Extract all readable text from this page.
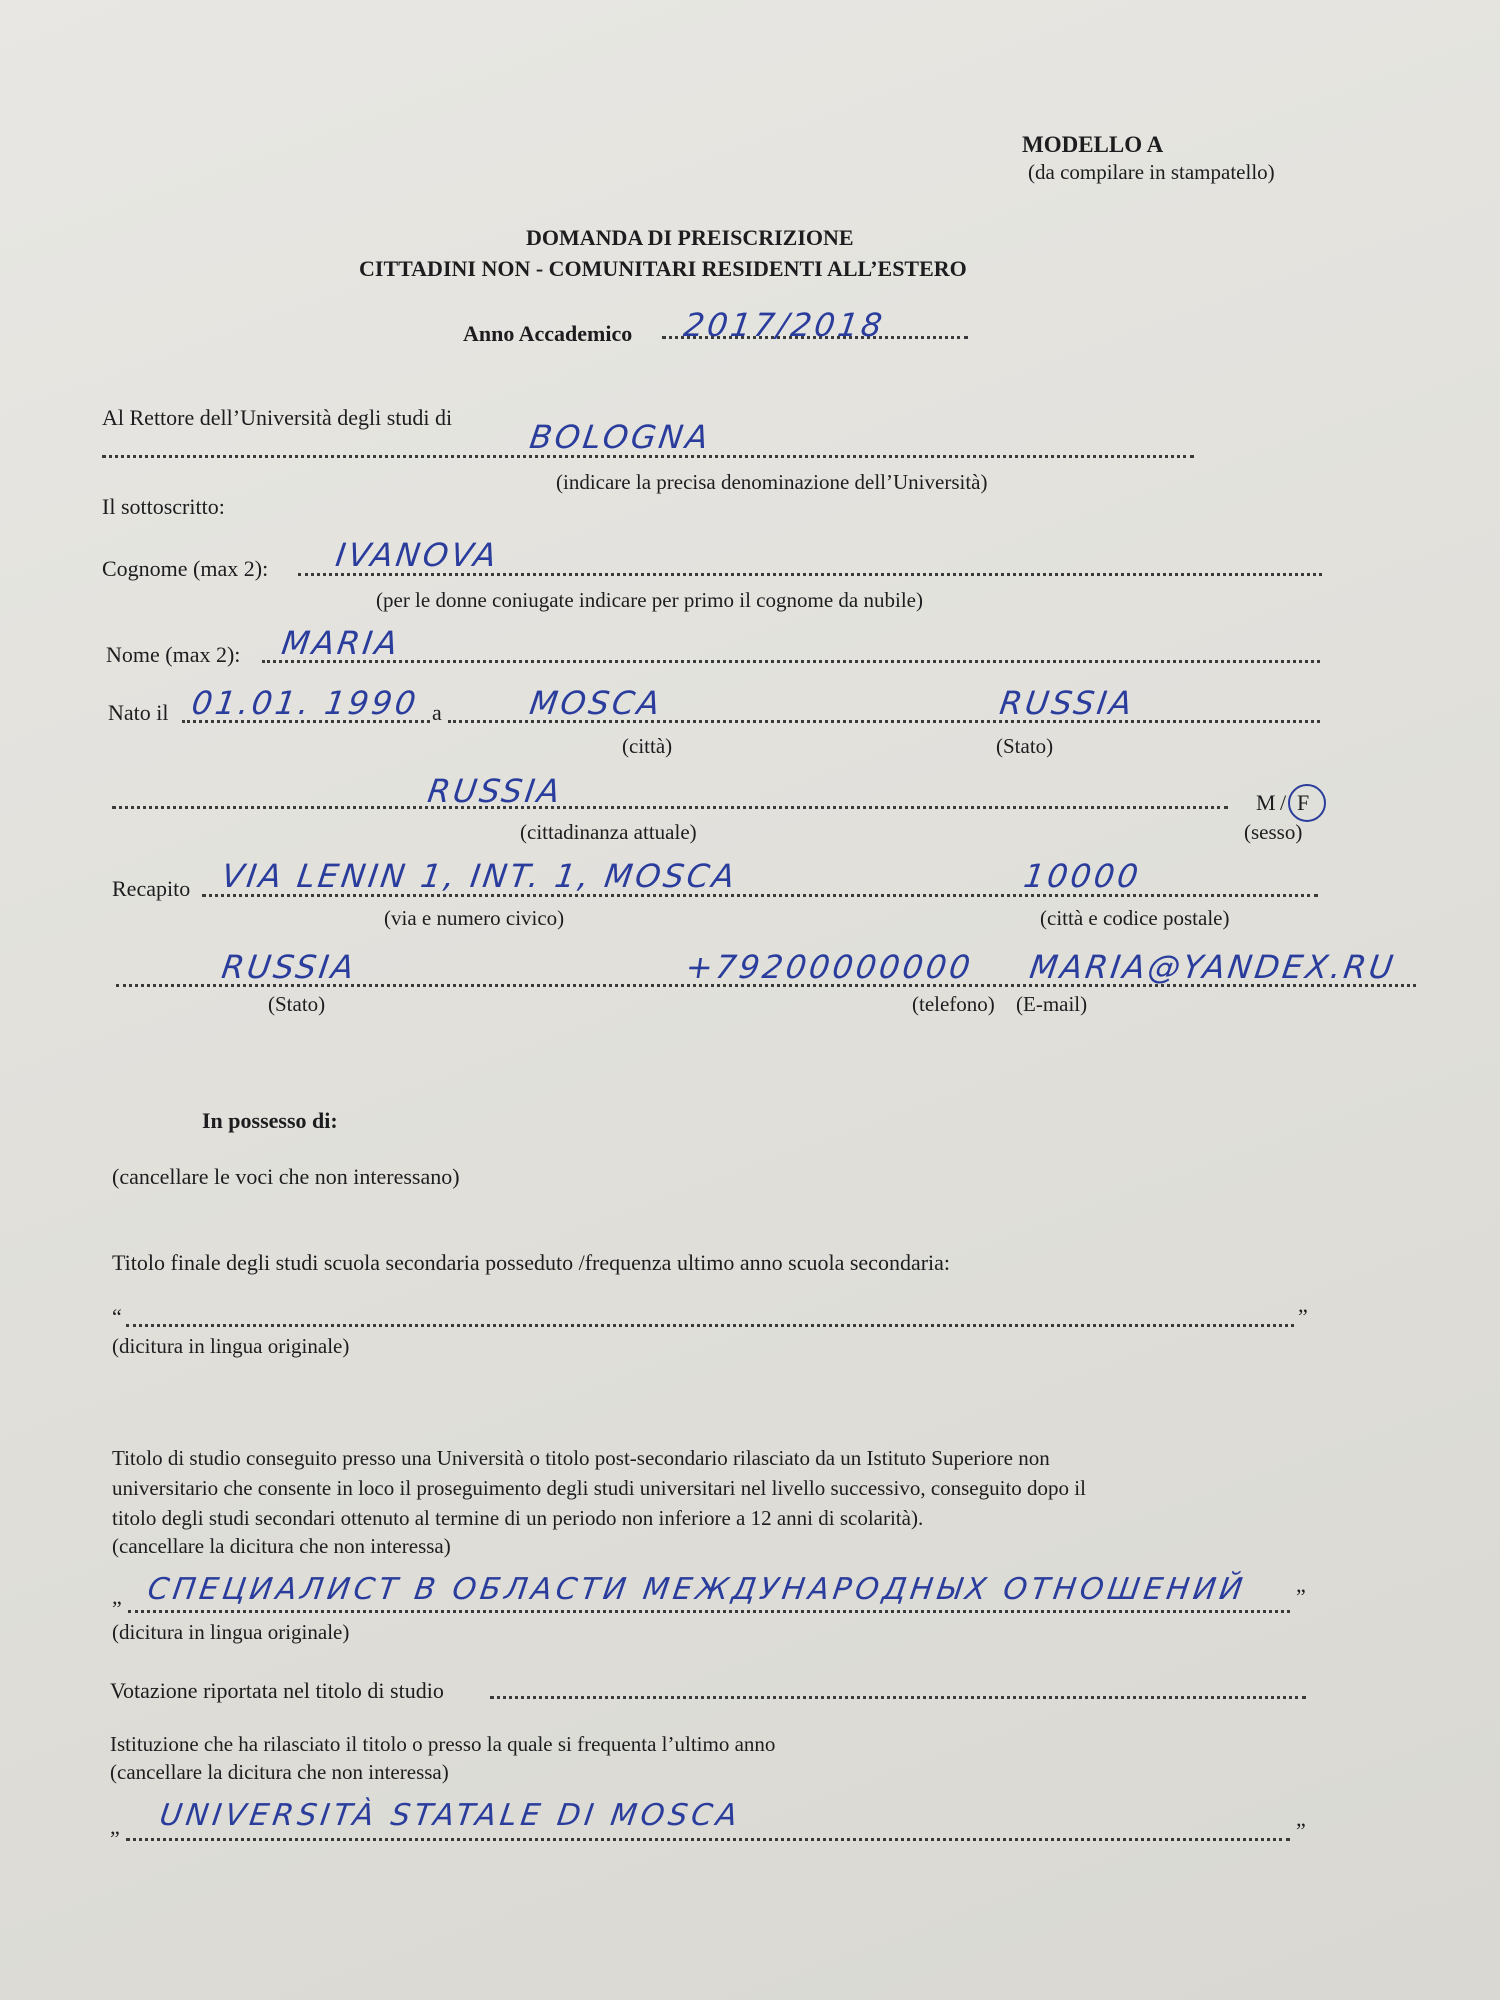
MODELLO A
(da compilare in stampatello)
DOMANDA DI PREISCRIZIONE
CITTADINI NON - COMUNITARI RESIDENTI ALL’ESTERO
Anno Accademico 2017/2018
Al Rettore dell’Università degli studi di
BOLOGNA
(indicare la precisa denominazione dell’Università)
Il sottoscritto:
Cognome (max 2): IVANOVA
(per le donne coniugate indicare per primo il cognome da nubile)
Nome (max 2): MARIA
Nato il 01.01. 1990 a	MOSCA	RUSSIA
(città)	(Stato)
RUSSIA	M / F
(cittadinanza attuale)	(sesso)
Recapito VIA LENIN 1, INT. 1, MOSCA	10000
(via e numero civico)	(città e codice postale)
RUSSIA	+79200000000 MARIA@YANDEX.RU
(Stato)	(telefono) (E-mail)
In possesso di:
(cancellare le voci che non interessano)
Titolo finale degli studi scuola secondaria posseduto /frequenza ultimo anno scuola secondaria:
“	”
(dicitura in lingua originale)
Titolo di studio conseguito presso una Università o titolo post-secondario rilasciato da un Istituto Superiore non
universitario che consente in loco il proseguimento degli studi universitari nel livello successivo, conseguito dopo il
titolo degli studi secondari ottenuto al termine di un periodo non inferiore a 12 anni di scolarità).
(cancellare la dicitura che non interessa)
„ СПЕЦИАЛИСТ В ОБЛАСТИ МЕЖДУНАРОДНЫХ ОТНОШЕНИЙ ”
(dicitura in lingua originale)
Votazione riportata nel titolo di studio
Istituzione che ha rilasciato il titolo o presso la quale si frequenta l’ultimo anno
(cancellare la dicitura che non interessa)
„ UNIVERSITÀ STATALE DI MOSCA	”
